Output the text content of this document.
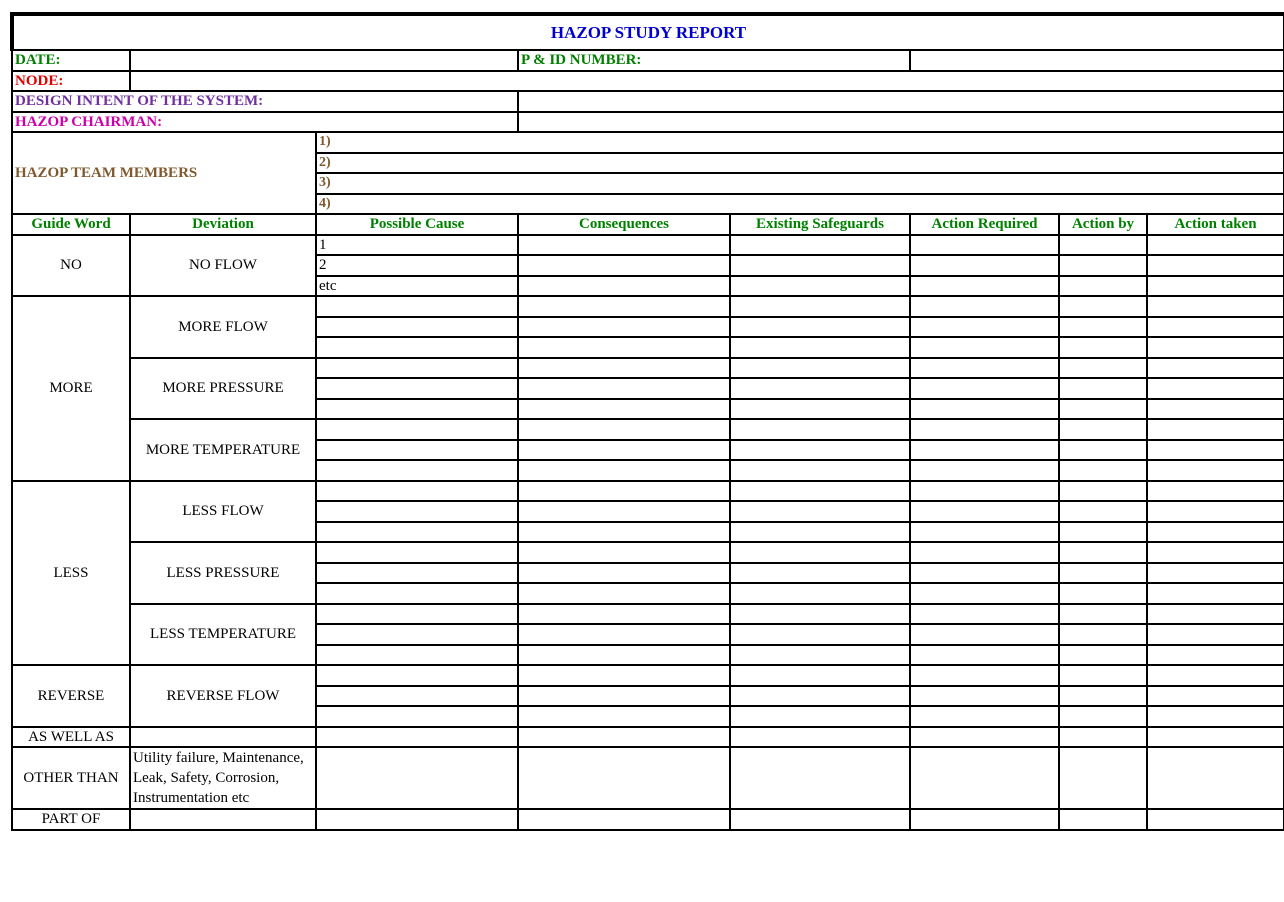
HAZOP STUDY REPORT							
DATE:			P & ID NUMBER:				
NODE:							
DESIGN INTENT OF THE SYSTEM:							
HAZOP CHAIRMAN:							
HAZOP TEAM MEMBERS		1)					
		2)					
		3)					
		4)					
Guide Word	Deviation	Possible Cause	Consequences	Existing Safeguards	Action Required	Action by	Action taken
NO	NO FLOW	1					
		2					
		etc					
MORE	MORE FLOW						

	MORE PRESSURE						

	MORE TEMPERATURE						

LESS	LESS FLOW						

	LESS PRESSURE						

	LESS TEMPERATURE						

REVERSE	REVERSE FLOW						

AS WELL AS							
OTHER THAN	Utility failure, Maintenance, Leak, Safety, Corrosion, Instrumentation etc						
PART OF							
